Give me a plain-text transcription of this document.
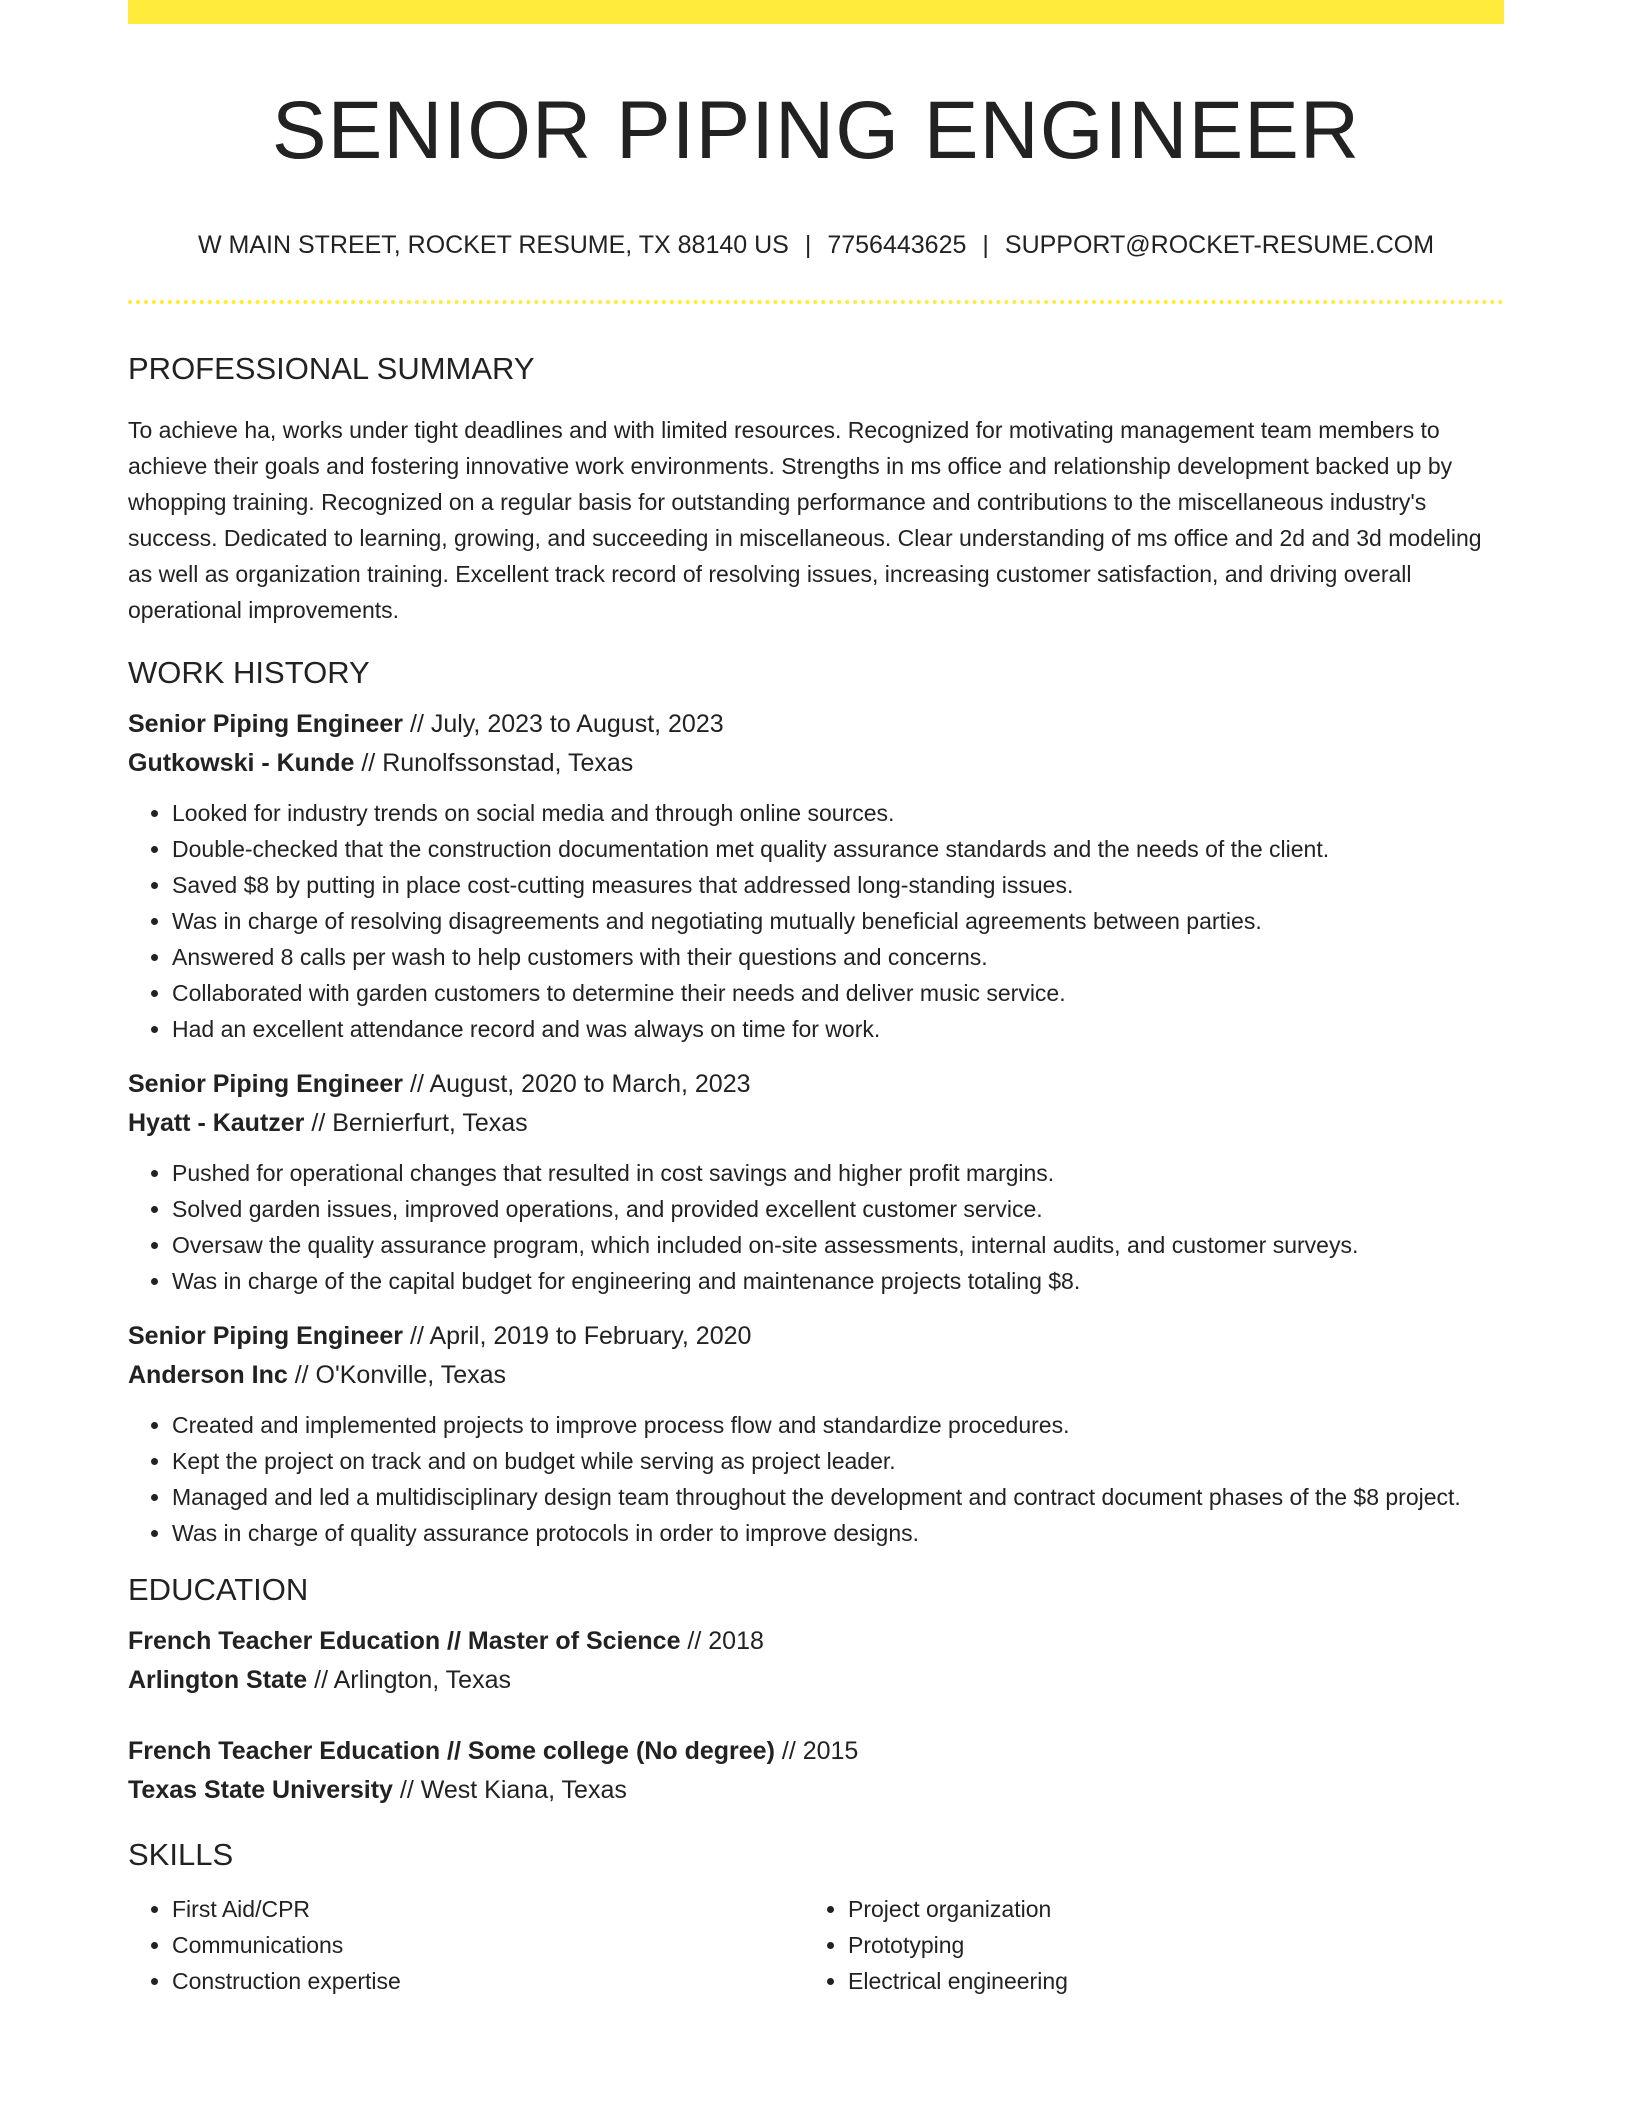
SENIOR PIPING ENGINEER
W MAIN STREET, ROCKET RESUME, TX 88140 US | 7756443625 | SUPPORT@ROCKET-RESUME.COM
PROFESSIONAL SUMMARY
To achieve ha, works under tight deadlines and with limited resources. Recognized for motivating management team members to achieve their goals and fostering innovative work environments. Strengths in ms office and relationship development backed up by whopping training. Recognized on a regular basis for outstanding performance and contributions to the miscellaneous industry's success. Dedicated to learning, growing, and succeeding in miscellaneous. Clear understanding of ms office and 2d and 3d modeling as well as organization training. Excellent track record of resolving issues, increasing customer satisfaction, and driving overall operational improvements.
WORK HISTORY
Senior Piping Engineer // July, 2023 to August, 2023
Gutkowski - Kunde // Runolfssonstad, Texas
• Looked for industry trends on social media and through online sources.
• Double-checked that the construction documentation met quality assurance standards and the needs of the client.
• Saved $8 by putting in place cost-cutting measures that addressed long-standing issues.
• Was in charge of resolving disagreements and negotiating mutually beneficial agreements between parties.
• Answered 8 calls per wash to help customers with their questions and concerns.
• Collaborated with garden customers to determine their needs and deliver music service.
• Had an excellent attendance record and was always on time for work.
Senior Piping Engineer // August, 2020 to March, 2023
Hyatt - Kautzer // Bernierfurt, Texas
• Pushed for operational changes that resulted in cost savings and higher profit margins.
• Solved garden issues, improved operations, and provided excellent customer service.
• Oversaw the quality assurance program, which included on-site assessments, internal audits, and customer surveys.
• Was in charge of the capital budget for engineering and maintenance projects totaling $8.
Senior Piping Engineer // April, 2019 to February, 2020
Anderson Inc // O'Konville, Texas
• Created and implemented projects to improve process flow and standardize procedures.
• Kept the project on track and on budget while serving as project leader.
• Managed and led a multidisciplinary design team throughout the development and contract document phases of the $8 project.
• Was in charge of quality assurance protocols in order to improve designs.
EDUCATION
French Teacher Education // Master of Science // 2018
Arlington State // Arlington, Texas
French Teacher Education // Some college (No degree) // 2015
Texas State University // West Kiana, Texas
SKILLS
• First Aid/CPR
• Communications
• Construction expertise
• Project organization
• Prototyping
• Electrical engineering
